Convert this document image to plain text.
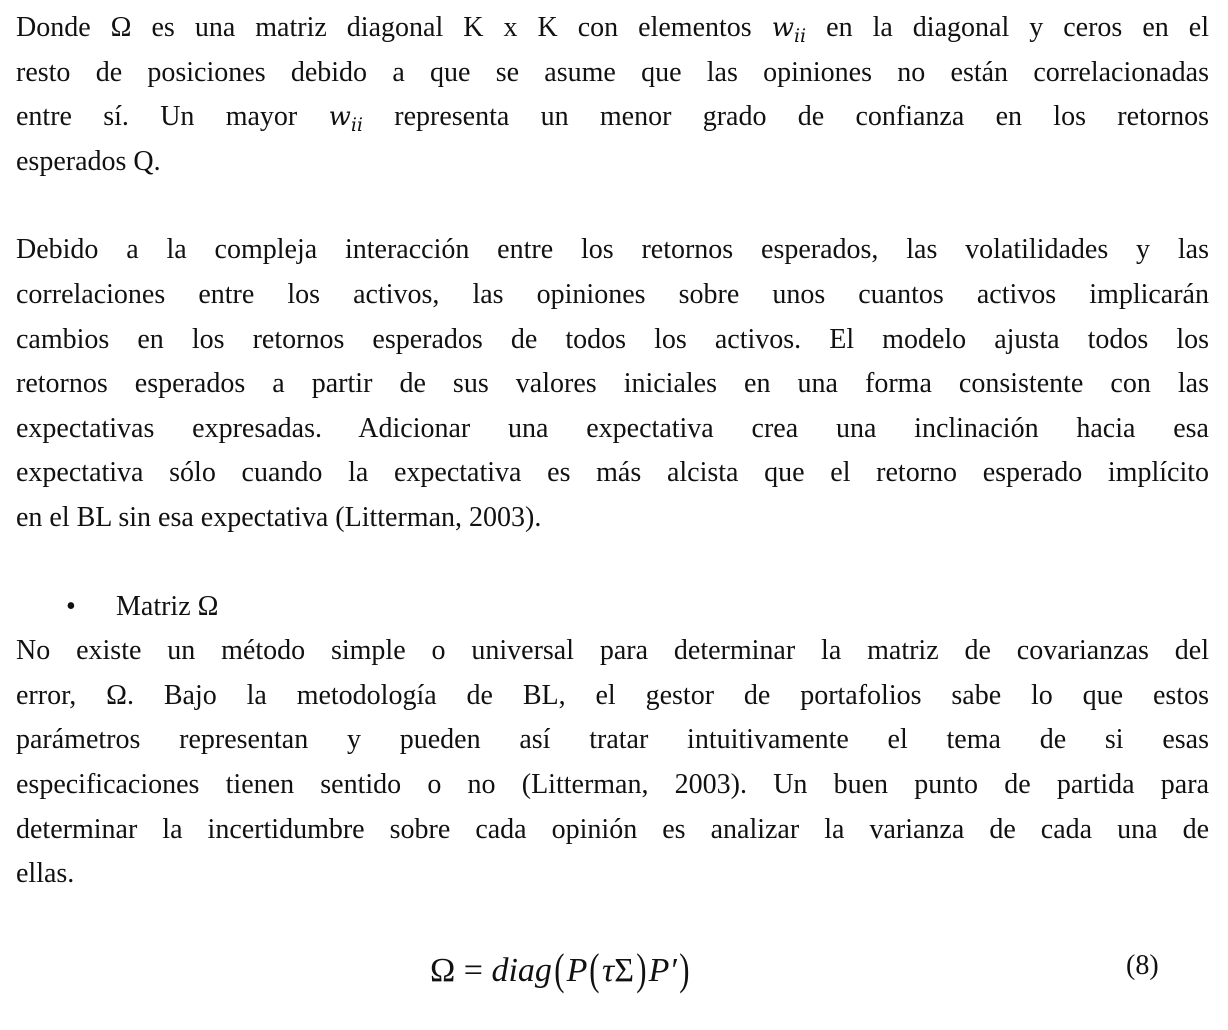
Donde Ω es una matriz diagonal K x K con elementos $w_{ii}$ en la diagonal y ceros en el
resto de posiciones debido a que se asume que las opiniones no están correlacionadas
entre sí. Un mayor $w_{ii}$ representa un menor grado de confianza en los retornos
esperados Q.
Debido a la compleja interacción entre los retornos esperados, las volatilidades y las
correlaciones entre los activos, las opiniones sobre unos cuantos activos implicarán
cambios en los retornos esperados de todos los activos. El modelo ajusta todos los
retornos esperados a partir de sus valores iniciales en una forma consistente con las
expectativas expresadas. Adicionar una expectativa crea una inclinación hacia esa
expectativa sólo cuando la expectativa es más alcista que el retorno esperado implícito
en el BL sin esa expectativa (Litterman, 2003).
• Matriz Ω
No existe un método simple o universal para determinar la matriz de covarianzas del
error, Ω. Bajo la metodología de BL, el gestor de portafolios sabe lo que estos
parámetros representan y pueden así tratar intuitivamente el tema de si esas
especificaciones tienen sentido o no (Litterman, 2003). Un buen punto de partida para
determinar la incertidumbre sobre cada opinión es analizar la varianza de cada una de
ellas.
Ω = diag(P(τΣ)P′)	(8)
